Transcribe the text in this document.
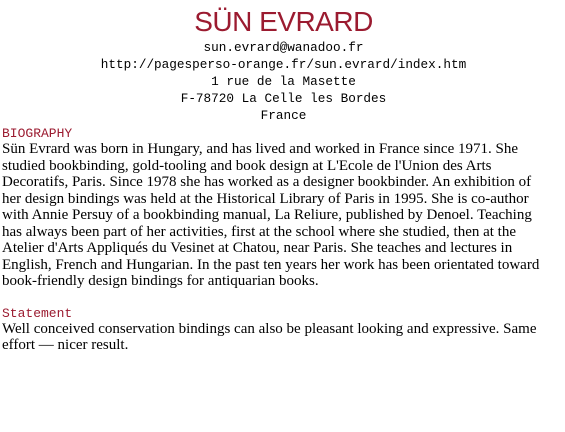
SÜN EVRARD
sun.evrard@wanadoo.fr
http://pagesperso-orange.fr/sun.evrard/index.htm
1 rue de la Masette
F-78720 La Celle les Bordes
France
BIOGRAPHY

Sün Evrard was born in Hungary, and has lived and worked in France since 1971. She studied bookbinding, gold-tooling and book design at L'Ecole de l'Union des Arts Decoratifs, Paris. Since 1978 she has worked as a designer bookbinder. An exhibition of her design bindings was held at the Historical Library of Paris in 1995. She is co-author with Annie Persuy of a bookbinding manual, La Reliure, published by Denoel. Teaching has always been part of her activities, first at the school where she studied, then at the Atelier d'Arts Appliqués du Vesinet at Chatou, near Paris. She teaches and lectures in English, French and Hungarian. In the past ten years her work has been orientated toward book-friendly design bindings for antiquarian books.

Statement

Well conceived conservation bindings can also be pleasant looking and expressive. Same effort — nicer result.
